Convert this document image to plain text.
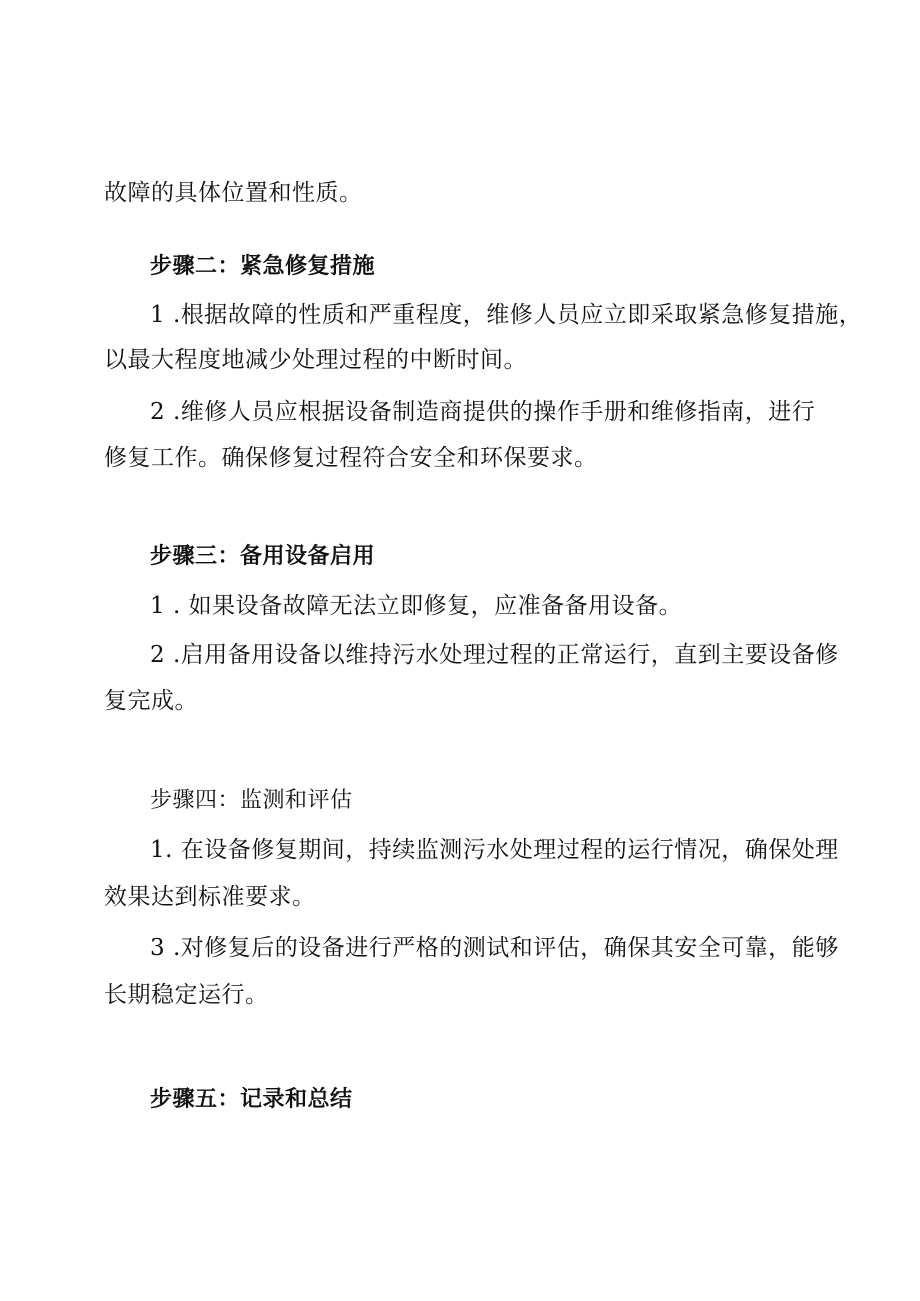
故障的具体位置和性质。
步骤二：紧急修复措施
1 .根据故障的性质和严重程度，维修人员应立即采取紧急修复措施，
以最大程度地减少处理过程的中断时间。
2 .维修人员应根据设备制造商提供的操作手册和维修指南，进行
修复工作。确保修复过程符合安全和环保要求。
步骤三：备用设备启用
1 . 如果设备故障无法立即修复，应准备备用设备。
2 .启用备用设备以维持污水处理过程的正常运行，直到主要设备修
复完成。
步骤四：监测和评估
1. 在设备修复期间，持续监测污水处理过程的运行情况，确保处理
效果达到标准要求。
3 .对修复后的设备进行严格的测试和评估，确保其安全可靠，能够
长期稳定运行。
步骤五：记录和总结
